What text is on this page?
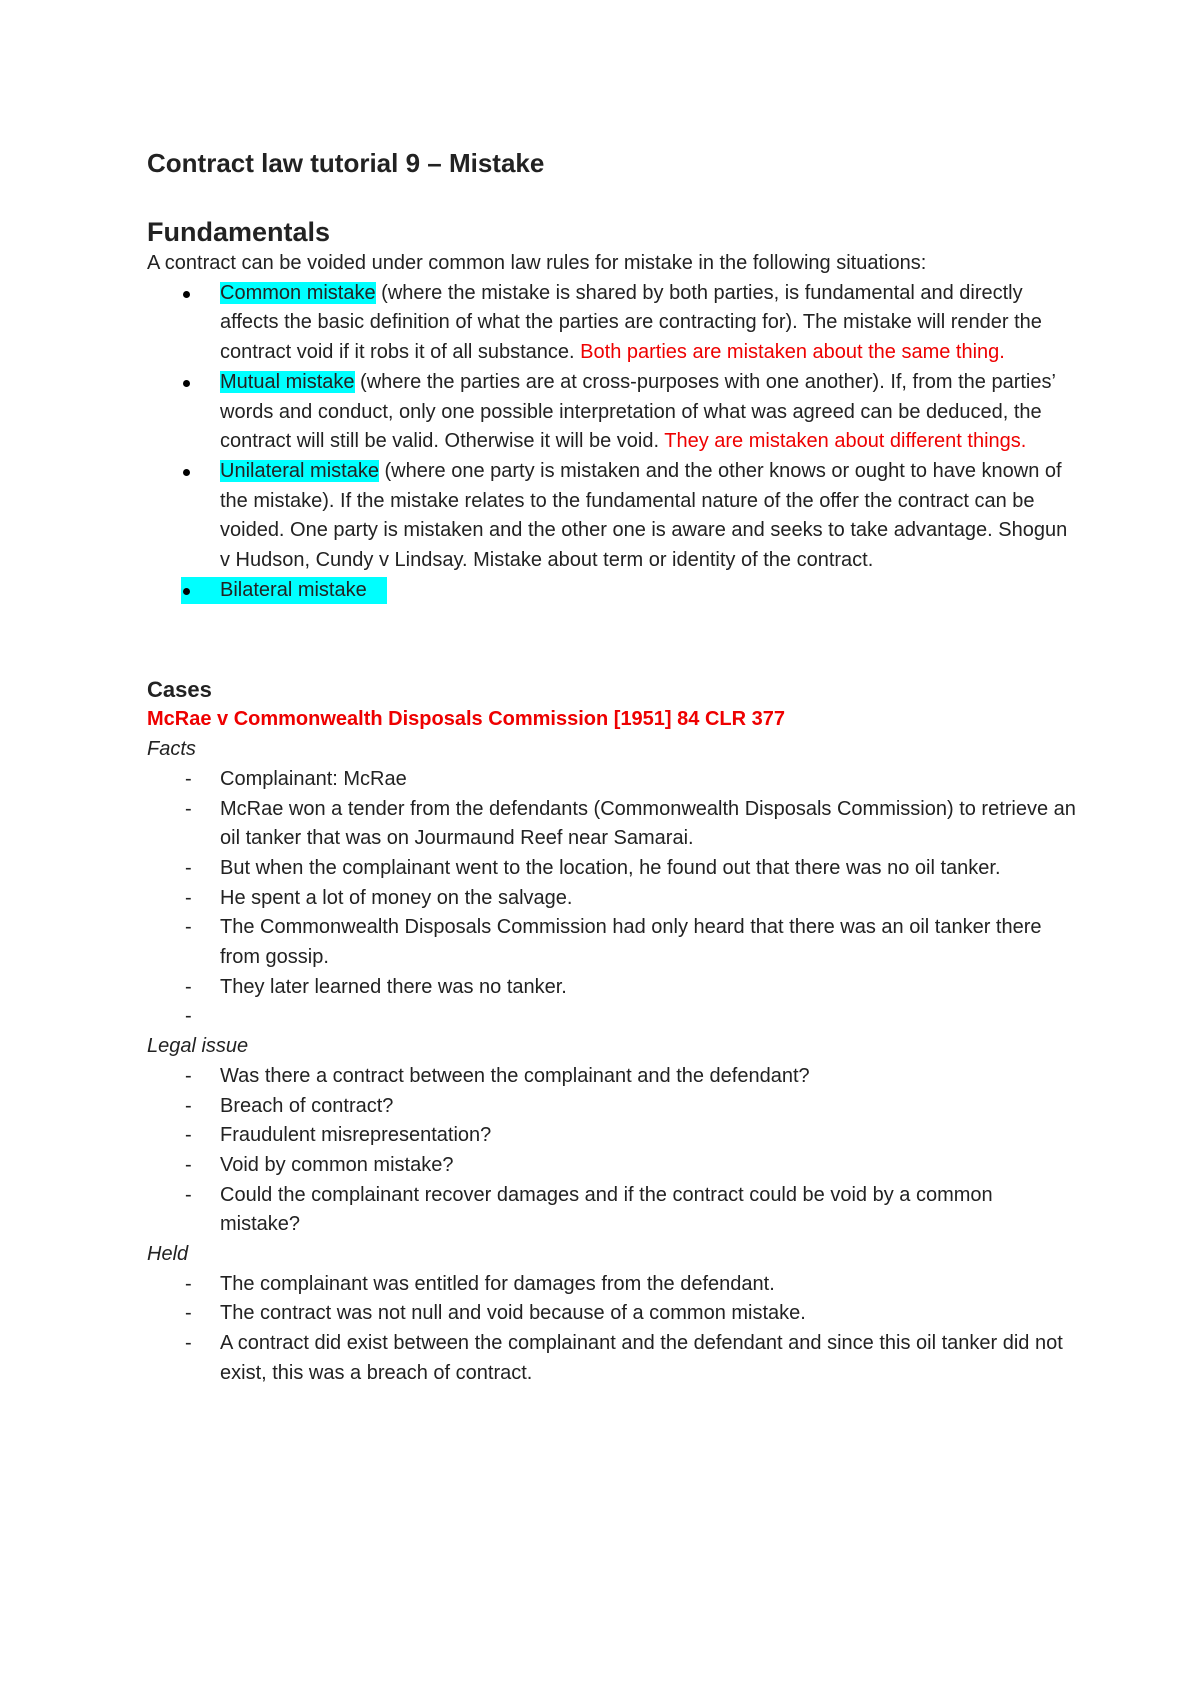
Contract law tutorial 9 – Mistake
Fundamentals

A contract can be voided under common law rules for mistake in the following situations:

Common mistake (where the mistake is shared by both parties, is fundamental and directly affects the basic definition of what the parties are contracting for). The mistake will render the contract void if it robs it of all substance. Both parties are mistaken about the same thing.
Mutual mistake (where the parties are at cross-purposes with one another). If, from the parties’ words and conduct, only one possible interpretation of what was agreed can be deduced, the contract will still be valid. Otherwise it will be void. They are mistaken about different things.
Unilateral mistake (where one party is mistaken and the other knows or ought to have known of the mistake). If the mistake relates to the fundamental nature of the offer the contract can be voided. One party is mistaken and the other one is aware and seeks to take advantage. Shogun v Hudson, Cundy v Lindsay. Mistake about term or identity of the contract.
Bilateral mistake
Cases

McRae v Commonwealth Disposals Commission [1951] 84 CLR 377

Facts

- Complainant: McRae
- McRae won a tender from the defendants (Commonwealth Disposals Commission) to retrieve an oil tanker that was on Jourmaund Reef near Samarai.
- But when the complainant went to the location, he found out that there was no oil tanker.
- He spent a lot of money on the salvage.
- The Commonwealth Disposals Commission had only heard that there was an oil tanker there from gossip.
- They later learned there was no tanker.
-

Legal issue

- Was there a contract between the complainant and the defendant?
- Breach of contract?
- Fraudulent misrepresentation?
- Void by common mistake?
- Could the complainant recover damages and if the contract could be void by a common mistake?

Held

- The complainant was entitled for damages from the defendant.
- The contract was not null and void because of a common mistake.
- A contract did exist between the complainant and the defendant and since this oil tanker did not exist, this was a breach of contract.
